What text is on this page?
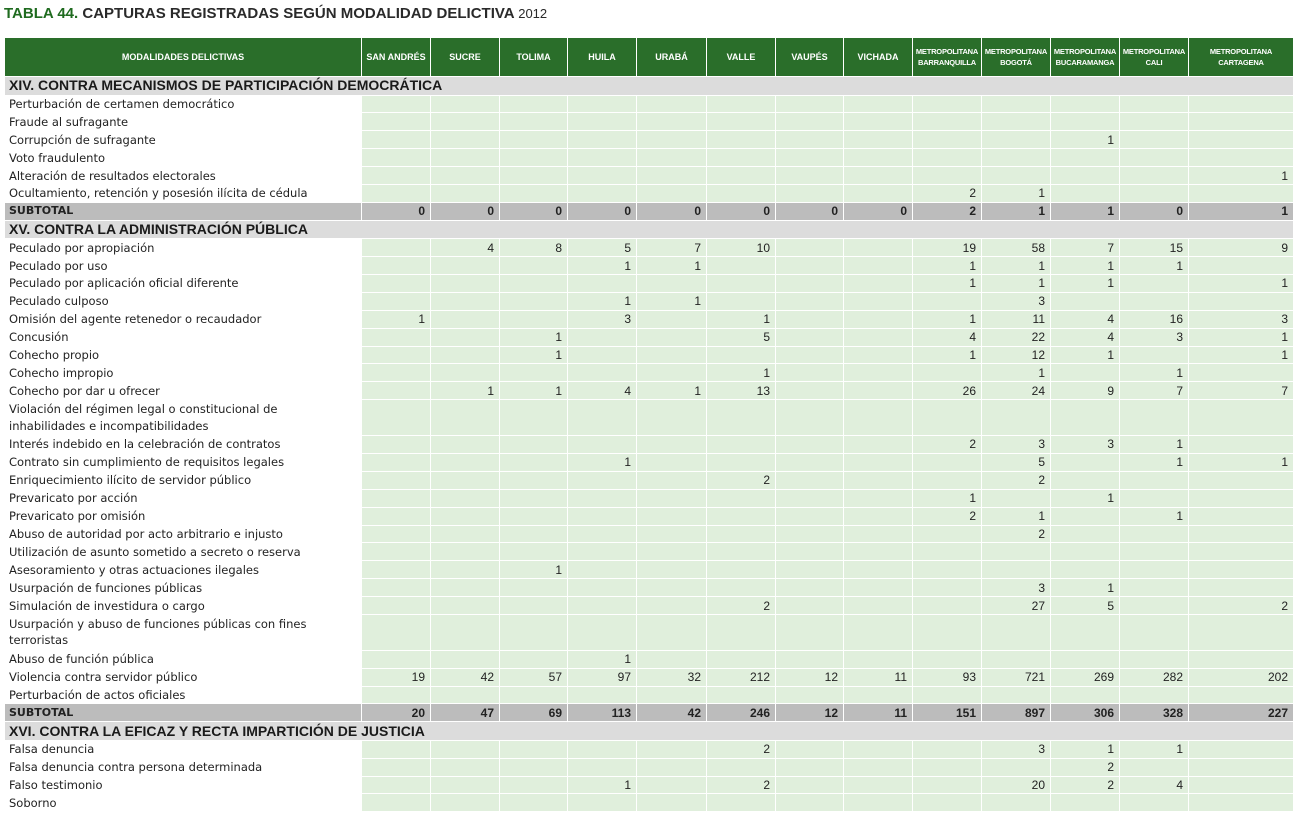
TABLA 44. CAPTURAS REGISTRADAS SEGÚN MODALIDAD DELICTIVA 2012
MODALIDADES DELICTIVAS	SAN ANDRÉS	SUCRE	TOLIMA	HUILA	URABÁ	VALLE	VAUPÉS	VICHADA	METROPOLITANA BARRANQUILLA	METROPOLITANA BOGOTÁ	METROPOLITANA BUCARAMANGA	METROPOLITANA CALI	METROPOLITANA CARTAGENA
XIV. CONTRA MECANISMOS DE PARTICIPACIÓN DEMOCRÁTICA													
Perturbación de certamen democrático													
Fraude al sufragante													
Corrupción de sufragante											1		
Voto fraudulento													
Alteración de resultados electorales													1
Ocultamiento, retención y posesión ilícita de cédula									2	1			
SUBTOTAL	0	0	0	0	0	0	0	0	2	1	1	0	1
XV. CONTRA LA ADMINISTRACIÓN PÚBLICA													
Peculado por apropiación		4	8	5	7	10			19	58	7	15	9
Peculado por uso				1	1				1	1	1	1	
Peculado por aplicación oficial diferente									1	1	1		1
Peculado culposo				1	1					3			
Omisión del agente retenedor o recaudador	1			3		1			1	11	4	16	3
Concusión			1			5			4	22	4	3	1
Cohecho propio			1						1	12	1		1
Cohecho impropio						1				1		1	
Cohecho por dar u ofrecer		1	1	4	1	13			26	24	9	7	7
Violación del régimen legal o constitucional de inhabilidades e incompatibilidades													
Interés indebido en la celebración de contratos									2	3	3	1	
Contrato sin cumplimiento de requisitos legales				1						5		1	1
Enriquecimiento ilícito de servidor público						2				2			
Prevaricato por acción									1		1		
Prevaricato por omisión									2	1		1	
Abuso de autoridad por acto arbitrario e injusto										2			
Utilización de asunto sometido a secreto o reserva													
Asesoramiento y otras actuaciones ilegales			1										
Usurpación de funciones públicas										3	1		
Simulación de investidura o cargo						2				27	5		2
Usurpación y abuso de funciones públicas con fines terroristas													
Abuso de función pública				1									
Violencia contra servidor público	19	42	57	97	32	212	12	11	93	721	269	282	202
Perturbación de actos oficiales													
SUBTOTAL	20	47	69	113	42	246	12	11	151	897	306	328	227
XVI. CONTRA LA EFICAZ Y RECTA IMPARTICIÓN DE JUSTICIA													
Falsa denuncia						2				3	1	1	
Falsa denuncia contra persona determinada											2		
Falso testimonio				1		2				20	2	4	
Soborno													
